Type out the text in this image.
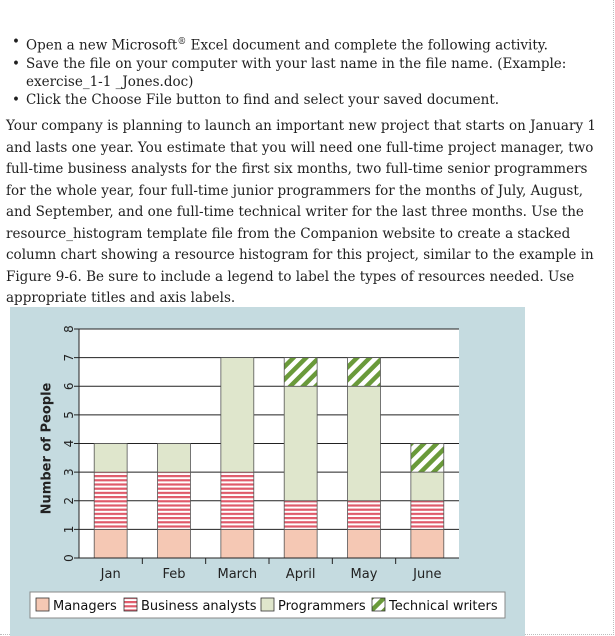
• Open a new Microsoft® Excel document and complete the following activity.
• Save the file on your computer with your last name in the file name. (Example: exercise_1-1 _Jones.doc)
• Click the Choose File button to find and select your saved document.

Your company is planning to launch an important new project that starts on January 1 and lasts one year. You estimate that you will need one full-time project manager, two full-time business analysts for the first six months, two full-time senior programmers for the whole year, four full-time junior programmers for the months of July, August, and September, and one full-time technical writer for the last three months. Use the resource_histogram template file from the Companion website to create a stacked column chart showing a resource histogram for this project, similar to the example in Figure 9-6. Be sure to include a legend to label the types of resources needed. Use appropriate titles and axis labels.

0
1
2
3
4
5
6
7
8
Number of People
Jan	Feb March April	May	June
Managers Business analysts Programmers Technical writers
